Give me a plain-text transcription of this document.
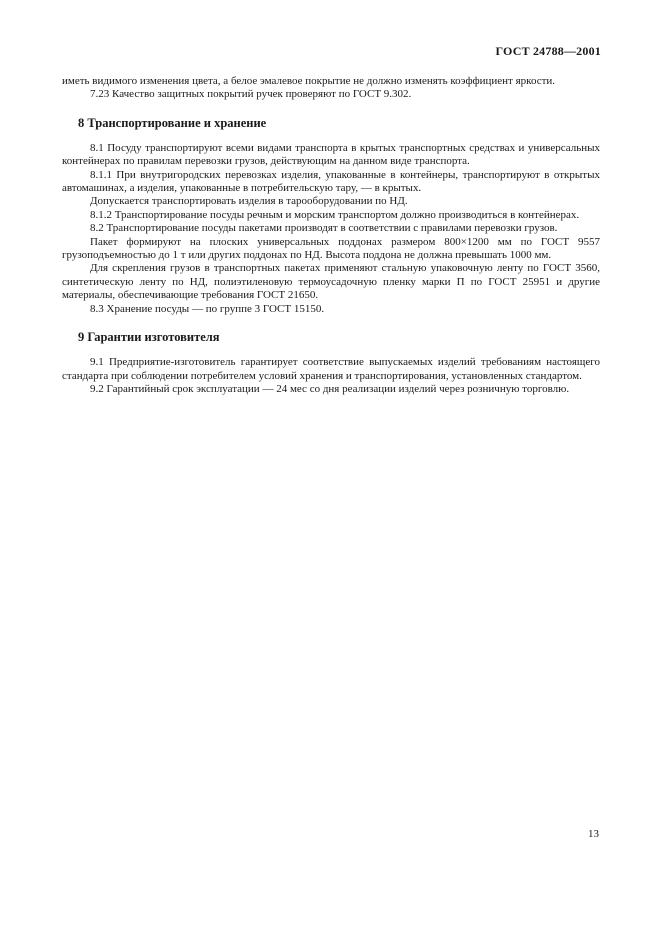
ГОСТ 24788—2001

иметь видимого изменения цвета, а белое эмалевое покрытие не должно изменять коэффициент яркости.

7.23 Качество защитных покрытий ручек проверяют по ГОСТ 9.302.

8 Транспортирование и хранение

8.1 Посуду транспортируют всеми видами транспорта в крытых транспортных средствах и универсальных контейнерах по правилам перевозки грузов, действующим на данном виде транспорта.

8.1.1 При внутригородских перевозках изделия, упакованные в контейнеры, транспортируют в открытых автомашинах, а изделия, упакованные в потребительскую тару, — в крытых.

Допускается транспортировать изделия в тарооборудовании по НД.

8.1.2 Транспортирование посуды речным и морским транспортом должно производиться в контейнерах.

8.2 Транспортирование посуды пакетами производят в соответствии с правилами перевозки грузов.

Пакет формируют на плоских универсальных поддонах размером 800×1200 мм по ГОСТ 9557 грузоподъемностью до 1 т или других поддонах по НД. Высота поддона не должна превышать 1000 мм.

Для скрепления грузов в транспортных пакетах применяют стальную упаковочную ленту по ГОСТ 3560, синтетическую ленту по НД, полиэтиленовую термоусадочную пленку марки П по ГОСТ 25951 и другие материалы, обеспечивающие требования ГОСТ 21650.

8.3 Хранение посуды — по группе 3 ГОСТ 15150.

9 Гарантии изготовителя

9.1 Предприятие-изготовитель гарантирует соответствие выпускаемых изделий требованиям настоящего стандарта при соблюдении потребителем условий хранения и транспортирования, установленных стандартом.

9.2 Гарантийный срок эксплуатации — 24 мес со дня реализации изделий через розничную торговлю.

13
